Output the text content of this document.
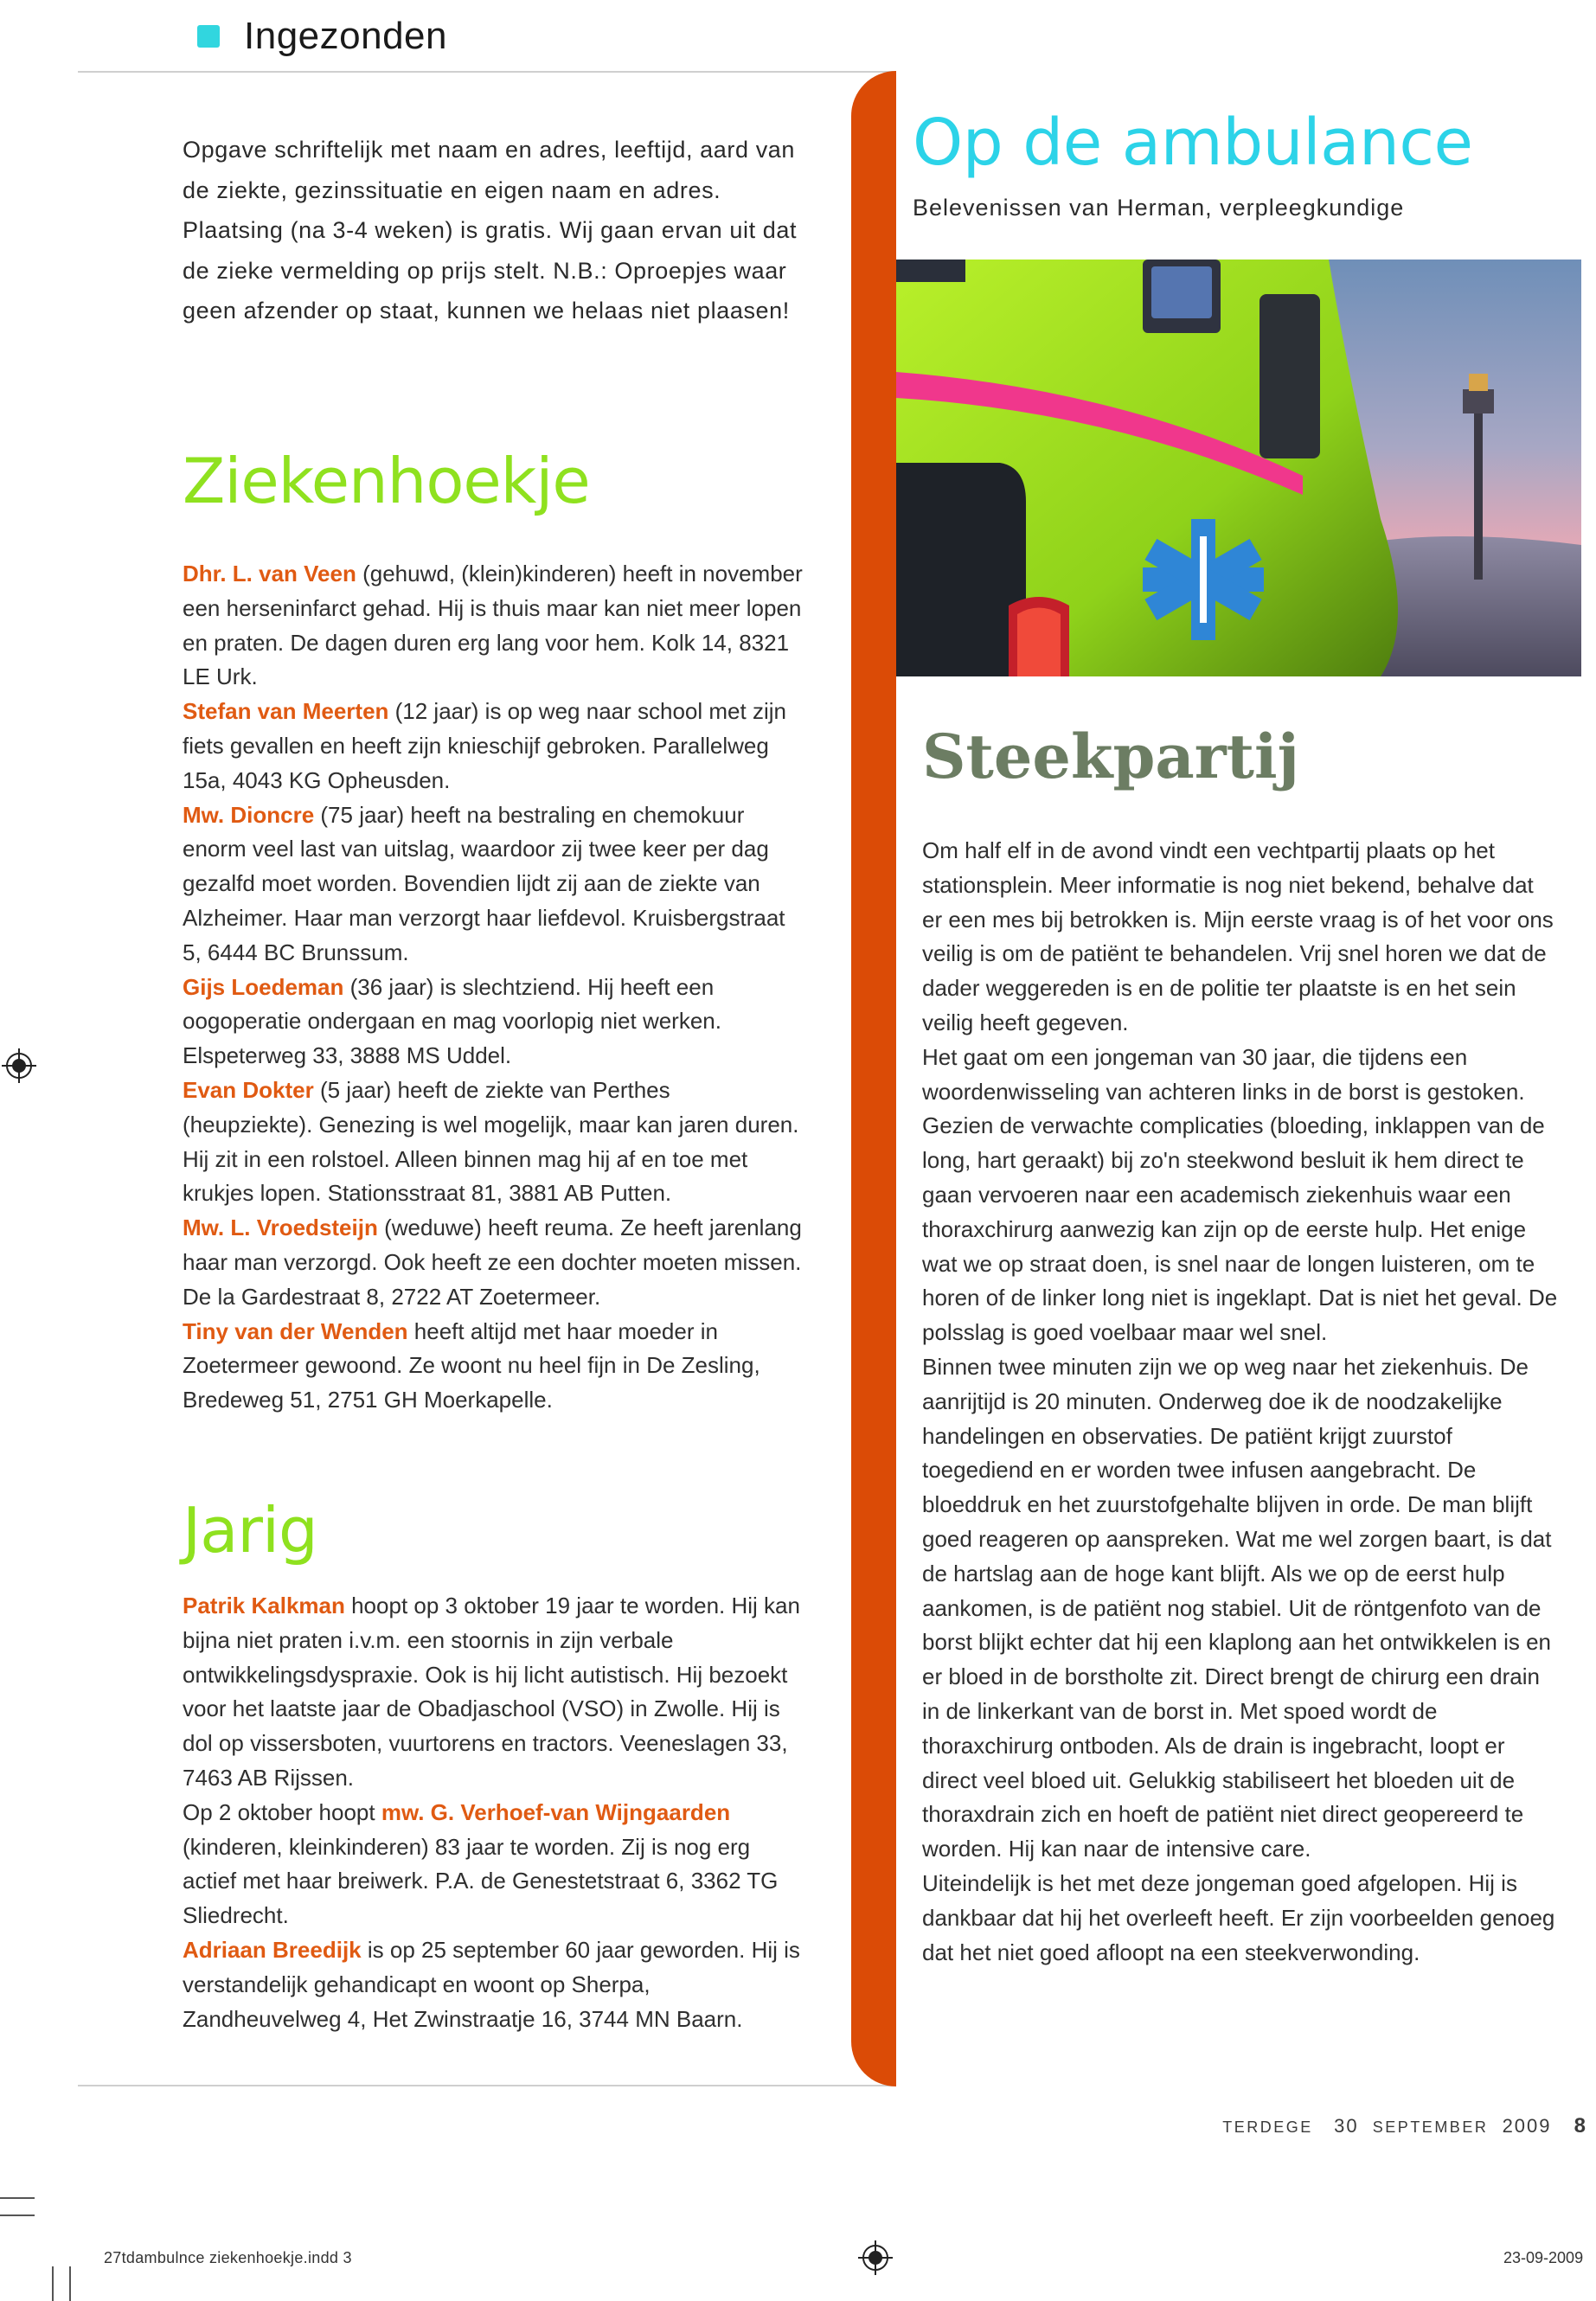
Ingezonden

Opgave schriftelijk met naam en adres, leeftijd, aard van de ziekte, gezinssituatie en eigen naam en adres. Plaatsing (na 3-4 weken) is gratis. Wij gaan ervan uit dat de zieke vermelding op prijs stelt. N.B.: Oproepjes waar geen afzender op staat, kunnen we helaas niet plaasen!

Ziekenhoekje

Dhr. L. van Veen (gehuwd, (klein)kinderen) heeft in november een herseninfarct gehad. Hij is thuis maar kan niet meer lopen en praten. De dagen duren erg lang voor hem. Kolk 14, 8321 LE Urk.

Stefan van Meerten (12 jaar) is op weg naar school met zijn fiets gevallen en heeft zijn knieschijf gebroken. Parallelweg 15a, 4043 KG Opheusden.

Mw. Dioncre (75 jaar) heeft na bestraling en chemokuur enorm veel last van uitslag, waardoor zij twee keer per dag gezalfd moet worden. Bovendien lijdt zij aan de ziekte van Alzheimer. Haar man verzorgt haar liefdevol. Kruisbergstraat 5, 6444 BC Brunssum.

Gijs Loedeman (36 jaar) is slechtziend. Hij heeft een oogoperatie ondergaan en mag voorlopig niet werken. Elspeterweg 33, 3888 MS Uddel.

Evan Dokter (5 jaar) heeft de ziekte van Perthes (heupziekte). Genezing is wel mogelijk, maar kan jaren duren. Hij zit in een rolstoel. Alleen binnen mag hij af en toe met krukjes lopen. Stationsstraat 81, 3881 AB Putten.

Mw. L. Vroedsteijn (weduwe) heeft reuma. Ze heeft jarenlang haar man verzorgd. Ook heeft ze een dochter moeten missen. De la Gardestraat 8, 2722 AT Zoetermeer.

Tiny van der Wenden heeft altijd met haar moeder in Zoetermeer gewoond. Ze woont nu heel fijn in De Zesling, Bredeweg 51, 2751 GH Moerkapelle.

Jarig

Patrik Kalkman hoopt op 3 oktober 19 jaar te worden. Hij kan bijna niet praten i.v.m. een stoornis in zijn verbale ontwikkelingsdyspraxie. Ook is hij licht autistisch. Hij bezoekt voor het laatste jaar de Obadjaschool (VSO) in Zwolle. Hij is dol op vissersboten, vuurtorens en tractors. Veeneslagen 33, 7463 AB Rijssen.

Op 2 oktober hoopt mw. G. Verhoef-van Wijngaarden (kinderen, kleinkinderen) 83 jaar te worden. Zij is nog erg actief met haar breiwerk. P.A. de Genestetstraat 6, 3362 TG Sliedrecht.

Adriaan Breedijk is op 25 september 60 jaar geworden. Hij is verstandelijk gehandicapt en woont op Sherpa, Zandheuvelweg 4, Het Zwinstraatje 16, 3744 MN Baarn.

Op de ambulance
Belevenissen van Herman, verpleegkundige
Steekpartij

Om half elf in de avond vindt een vechtpartij plaats op het stationsplein. Meer informatie is nog niet bekend, behalve dat er een mes bij betrokken is. Mijn eerste vraag is of het voor ons veilig is om de patiënt te behandelen. Vrij snel horen we dat de dader weggereden is en de politie ter plaatste is en het sein veilig heeft gegeven.

Het gaat om een jongeman van 30 jaar, die tijdens een woordenwisseling van achteren links in de borst is gestoken. Gezien de verwachte complicaties (bloeding, inklappen van de long, hart geraakt) bij zo'n steekwond besluit ik hem direct te gaan vervoeren naar een academisch ziekenhuis waar een thoraxchirurg aanwezig kan zijn op de eerste hulp. Het enige wat we op straat doen, is snel naar de longen luisteren, om te horen of de linker long niet is ingeklapt. Dat is niet het geval. De polsslag is goed voelbaar maar wel snel.

Binnen twee minuten zijn we op weg naar het ziekenhuis. De aanrijtijd is 20 minuten. Onderweg doe ik de noodzakelijke handelingen en observaties. De patiënt krijgt zuurstof toegediend en er worden twee infusen aangebracht. De bloeddruk en het zuurstofgehalte blijven in orde. De man blijft goed reageren op aanspreken. Wat me wel zorgen baart, is dat de hartslag aan de hoge kant blijft. Als we op de eerst hulp aankomen, is de patiënt nog stabiel. Uit de röntgenfoto van de borst blijkt echter dat hij een klaplong aan het ontwikkelen is en er bloed in de borstholte zit. Direct brengt de chirurg een drain in de linkerkant van de borst in. Met spoed wordt de thoraxchirurg ontboden. Als de drain is ingebracht, loopt er direct veel bloed uit. Gelukkig stabiliseert het bloeden uit de thoraxdrain zich en hoeft de patiënt niet direct geopereerd te worden. Hij kan naar de intensive care.

Uiteindelijk is het met deze jongeman goed afgelopen. Hij is dankbaar dat hij het overleeft heeft. Er zijn voorbeelden genoeg dat het niet goed afloopt na een steekverwonding.

TERDEGE 30 SEPTEMBER 2009 8
27tdambulnce ziekenhoekje.indd 3	23-09-2009
